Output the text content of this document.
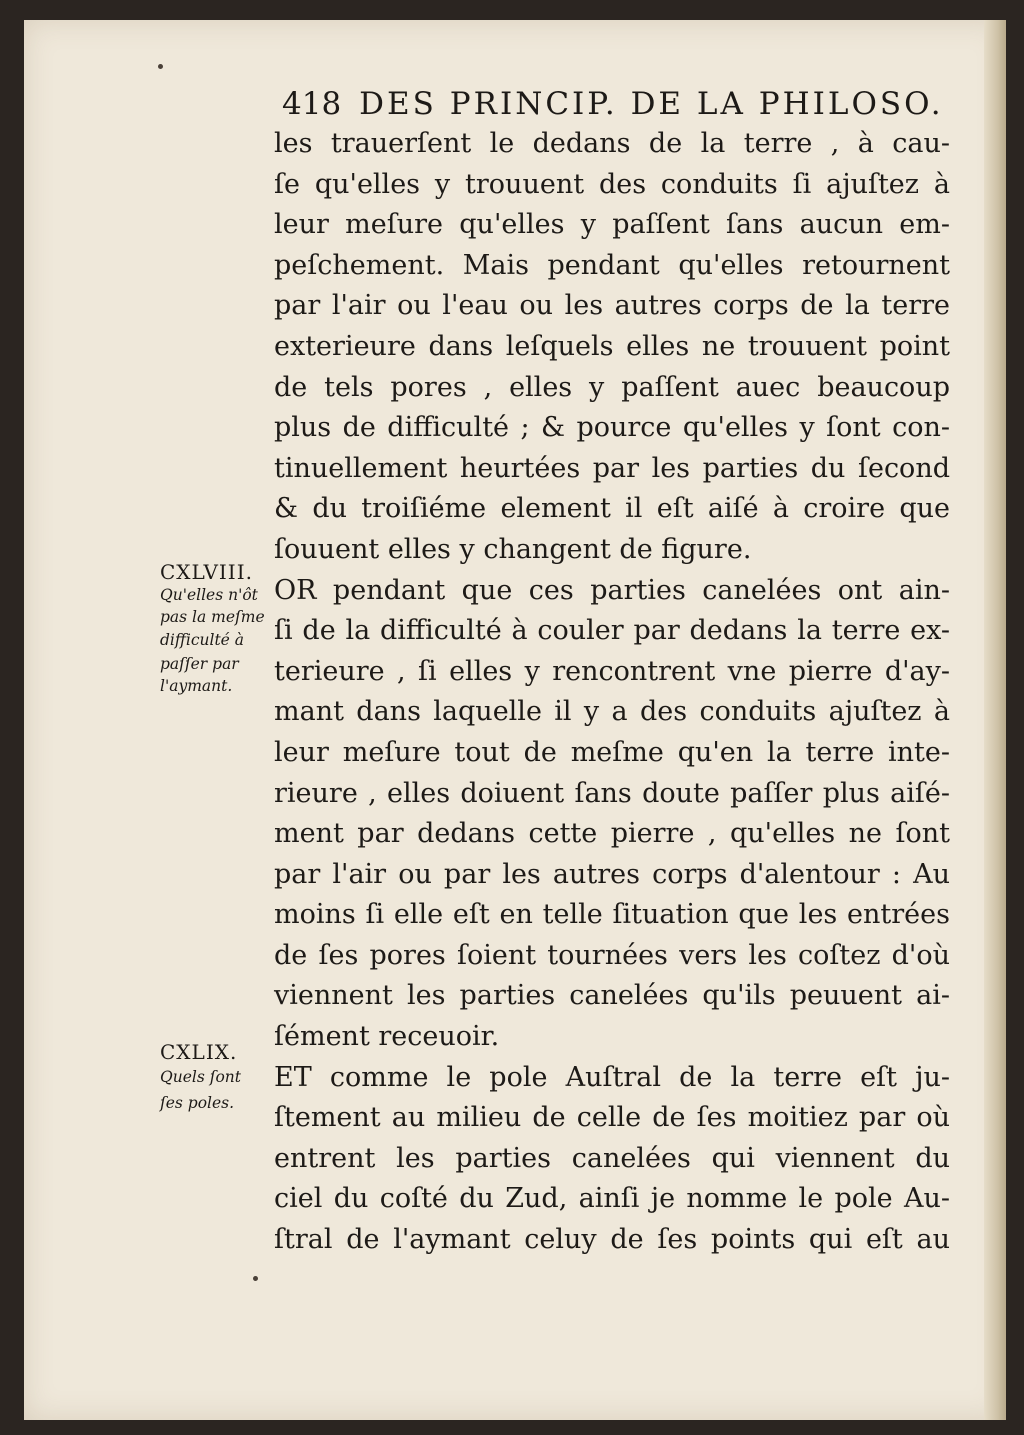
418 DES PRINCIP. DE LA PHILOSO.
les trauerſent le dedans de la terre , à cau-
ſe qu'elles y trouuent des conduits ſi ajuſtez à
leur meſure qu'elles y paſſent ſans aucun em-
peſchement. Mais pendant qu'elles retournent
par l'air ou l'eau ou les autres corps de la terre
exterieure dans leſquels elles ne trouuent point
de tels pores , elles y paſſent auec beaucoup
plus de difficulté ; & pource qu'elles y ſont con-
tinuellement heurtées par les parties du ſecond
& du troiſiéme element il eſt aiſé à croire que
ſouuent elles y changent de figure.
OR pendant que ces parties canelées ont ain-
ſi de la difficulté à couler par dedans la terre ex-
terieure , ſi elles y rencontrent vne pierre d'ay-
mant dans laquelle il y a des conduits ajuſtez à
leur meſure tout de meſme qu'en la terre inte-
rieure , elles doiuent ſans doute paſſer plus aiſé-
ment par dedans cette pierre , qu'elles ne ſont
par l'air ou par les autres corps d'alentour : Au
moins ſi elle eſt en telle ſituation que les entrées
de ſes pores ſoient tournées vers les coſtez d'où
viennent les parties canelées qu'ils peuuent ai-
ſément receuoir.
ET comme le pole Auſtral de la terre eſt ju-
ſtement au milieu de celle de ſes moitiez par où
entrent les parties canelées qui viennent du
ciel du coſté du Zud, ainſi je nomme le pole Au-
ſtral de l'aymant celuy de ſes points qui eſt au
CXLVIII.
Qu'elles n'ôt
pas la meſme
difficulté à
paſſer par
l'aymant.
CXLIX.
Quels ſont
ſes poles.
